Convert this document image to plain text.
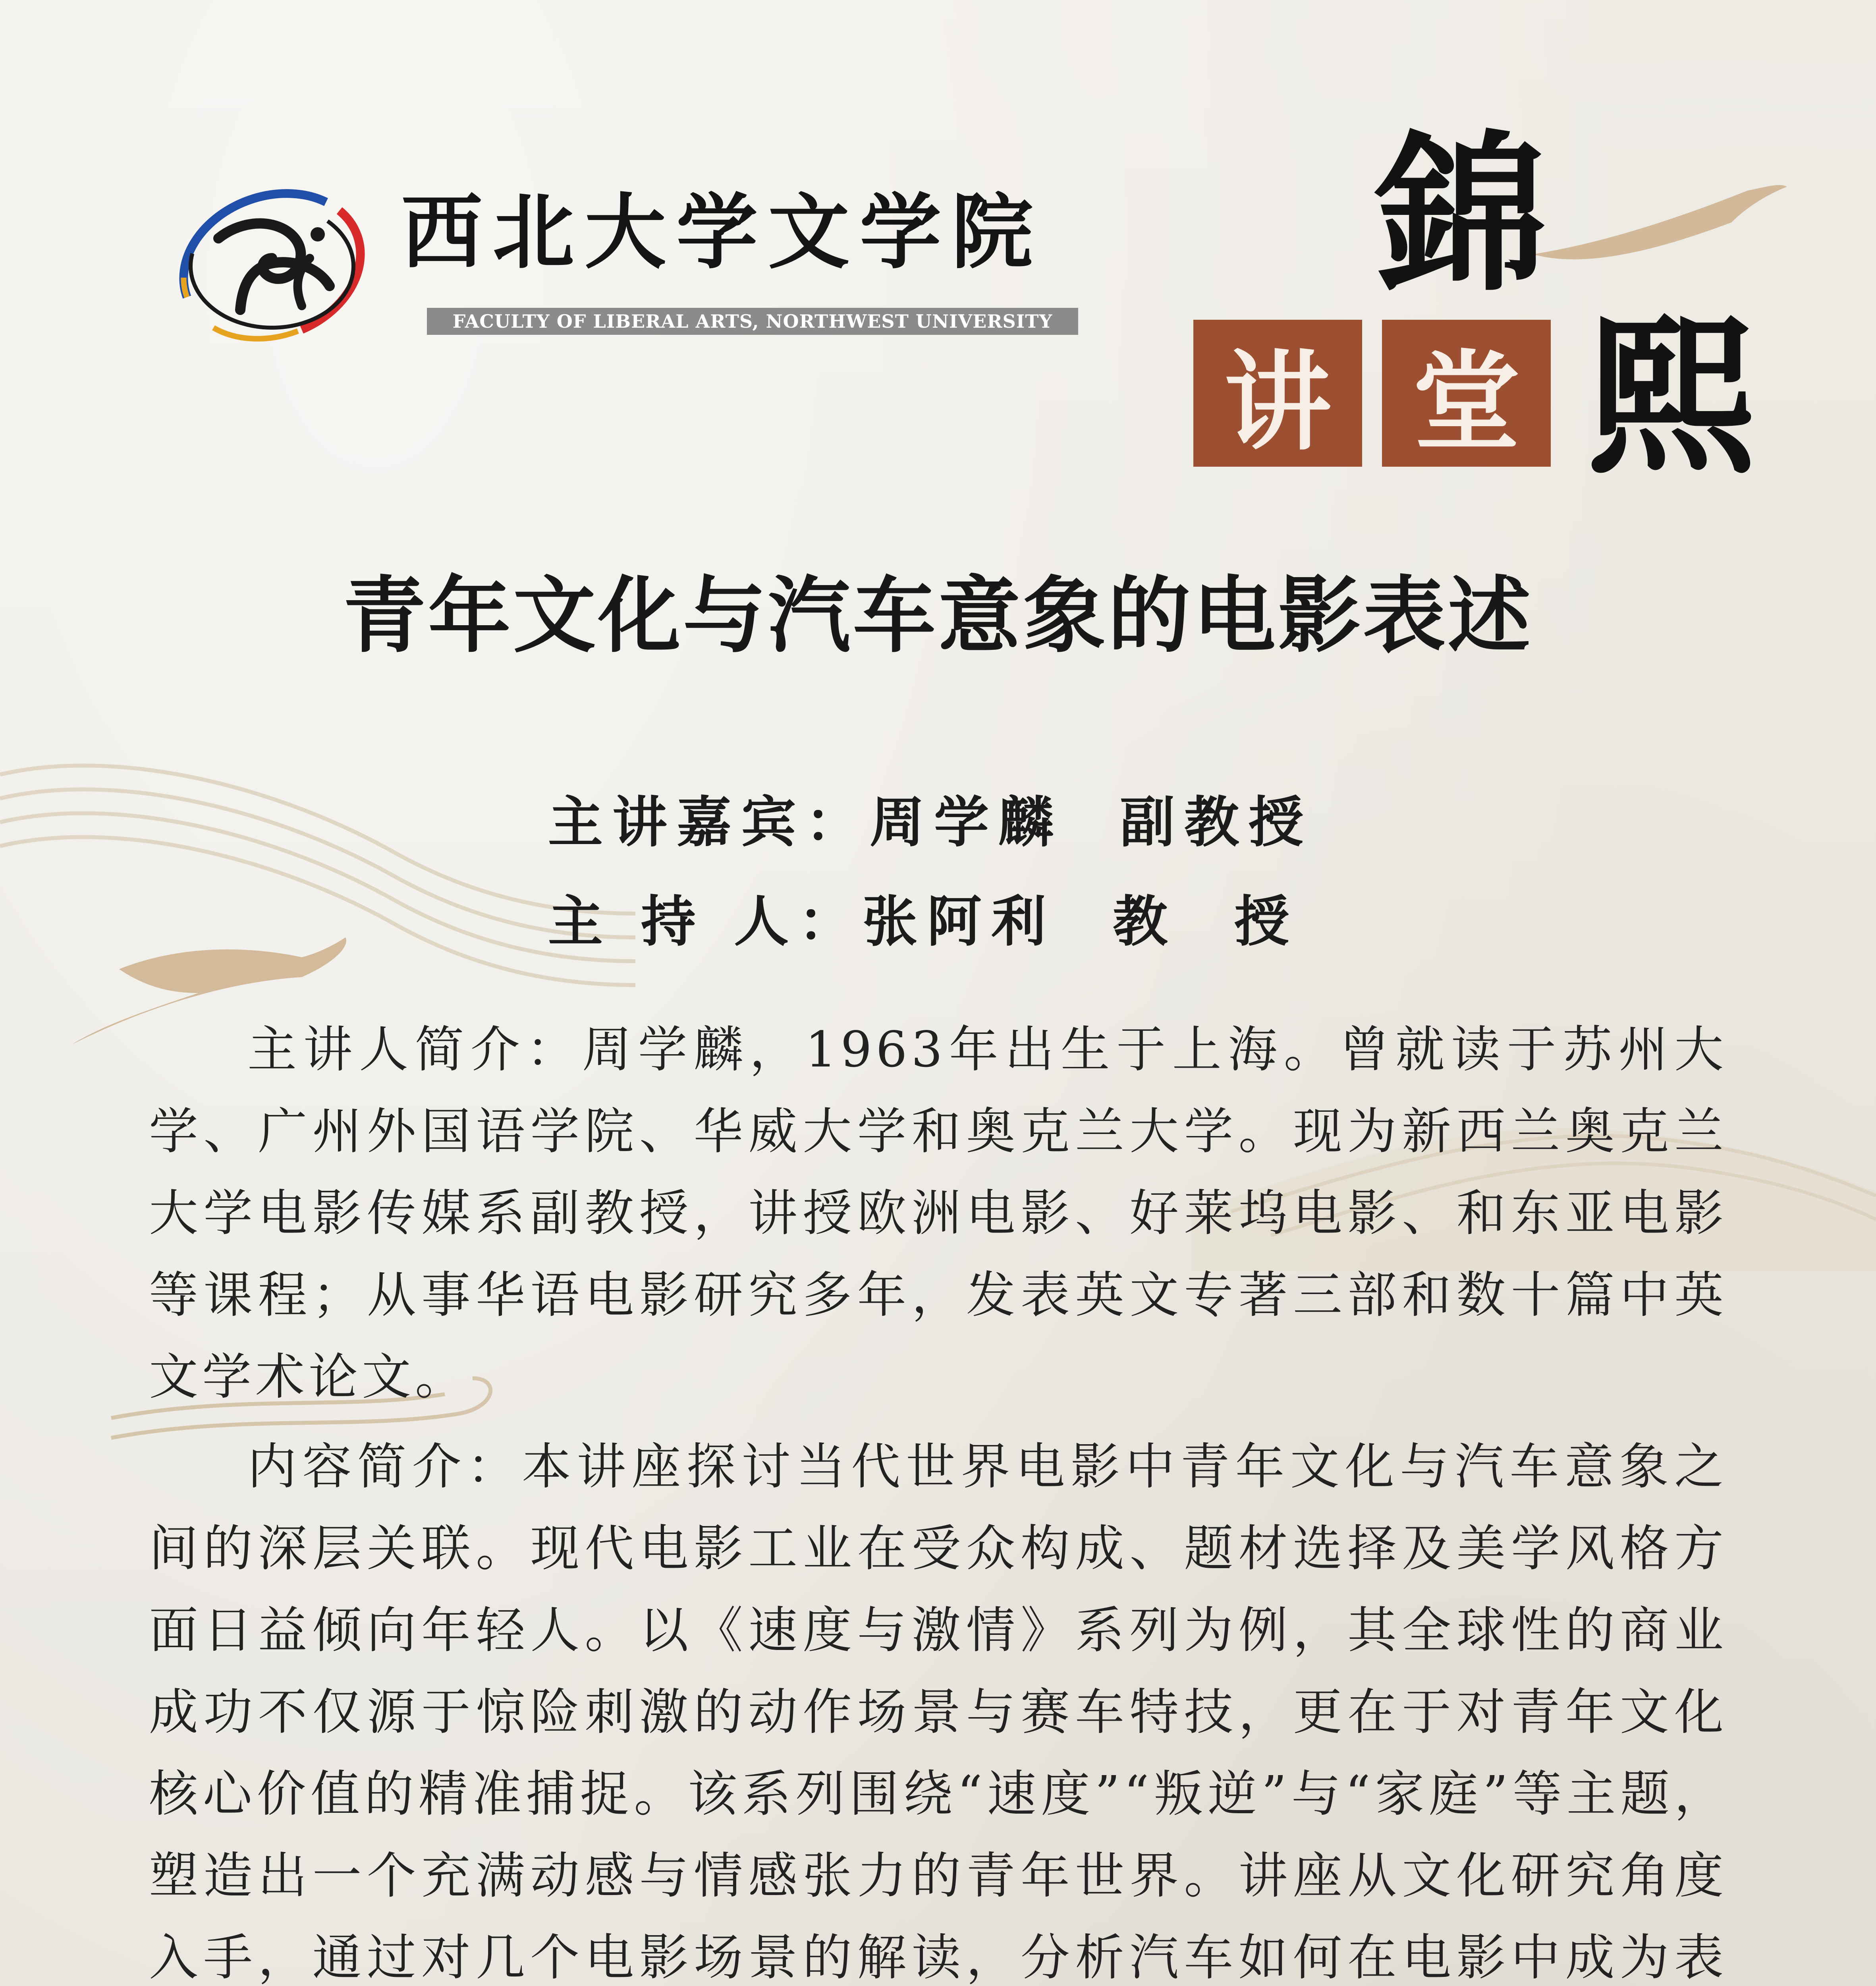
西北大学文学院
FACULTY OF LIBERAL ARTS, NORTHWEST UNIVERSITY
錦
讲 堂 熙
青年文化与汽车意象的电影表述
主讲嘉宾：周学麟  副教授
主 持 人：张阿利  教  授
主讲人简介：周学麟，1963年出生于上海。曾就读于苏州大学、广州外国语学院、华威大学和奥克兰大学。现为新西兰奥克兰大学电影传媒系副教授，讲授欧洲电影、好莱坞电影、和东亚电影等课程；从事华语电影研究多年，发表英文专著三部和数十篇中英文学术论文。
内容简介：本讲座探讨当代世界电影中青年文化与汽车意象之间的深层关联。现代电影工业在受众构成、题材选择及美学风格方面日益倾向年轻人。以《速度与激情》系列为例，其全球性的商业成功不仅源于惊险刺激的动作场景与赛车特技，更在于对青年文化核心价值的精准捕捉。该系列围绕“速度”“叛逆”与“家庭”等主题，塑造出一个充满动感与情感张力的青年世界。讲座从文化研究角度入手，通过对几个电影场景的解读，分析汽车如何在电影中成为表
